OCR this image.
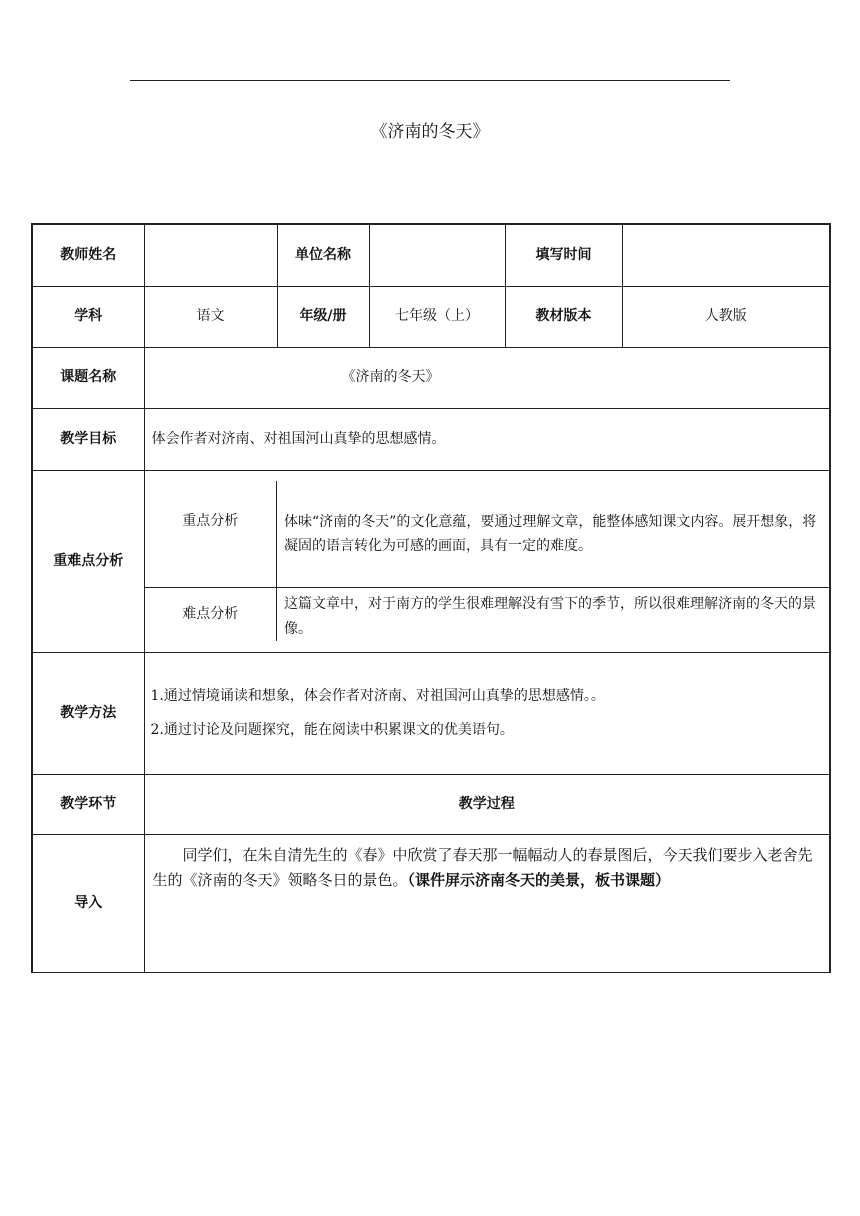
《济南的冬天》
教师姓名		单位名称		填写时间	
学科	语文	年级/册	七年级（上）	教材版本	人教版
课题名称	《济南的冬天》
教学目标	体会作者对济南、对祖国河山真挚的思想感情。
重难点分析	
重点分析	体味“济南的冬天”的文化意蕴，要通过理解文章，能整体感知课文内容。展开想象，将凝固的语言转化为可感的画面，具有一定的难度。
难点分析	这篇文章中，对于南方的学生很难理解没有雪下的季节，所以很难理解济南的冬天的景像。

教学方法	

1.通过情境诵读和想象，体会作者对济南、对祖国河山真挚的思想感情。。

2.通过讨论及问题探究，能在阅读中积累课文的优美语句。

教学环节	教学过程
导入	同学们，在朱自清先生的《春》中欣赏了春天那一幅幅动人的春景图后，今天我们要步入老舍先生的《济南的冬天》领略冬日的景色。（课件屏示济南冬天的美景，板书课题）
